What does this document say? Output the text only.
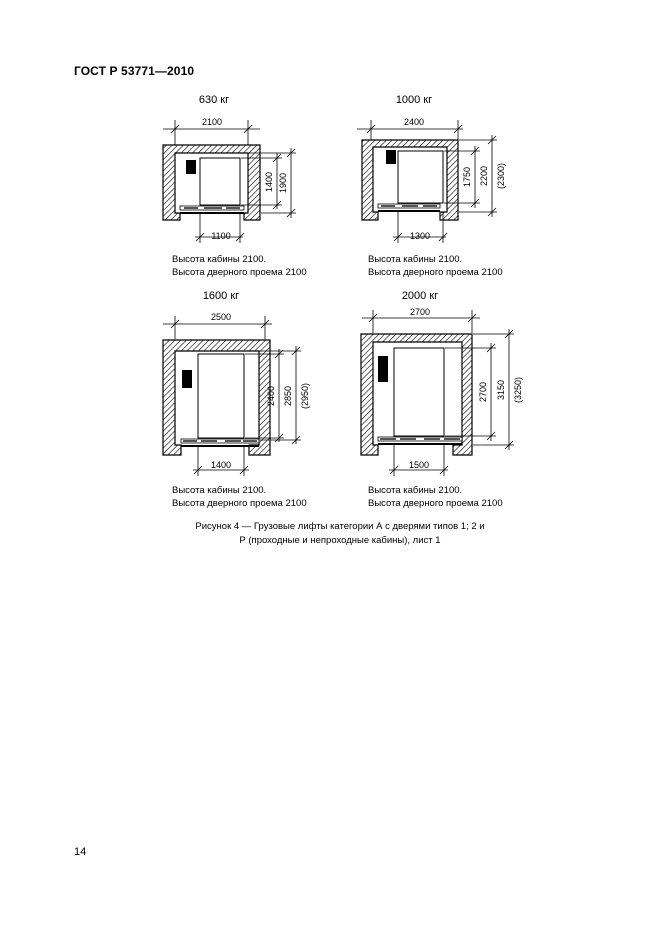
ГОСТ Р 53771—2010
630 кг
2100
1100
1400 1900
1000 кг
2400
1300
1750 2200 (2300)
1600 кг
2500
1400
2400 2850 (2950)
2000 кг
2700
1500
2700 3150 (3250)
Высота кабины 2100.
Высота дверного проема 2100
Высота кабины 2100.
Высота дверного проема 2100
Высота кабины 2100.
Высота дверного проема 2100
Высота кабины 2100.
Высота дверного проема 2100
Рисунок 4 — Грузовые лифты категории А с дверями типов 1; 2 и
Р (проходные и непроходные кабины), лист 1
14
